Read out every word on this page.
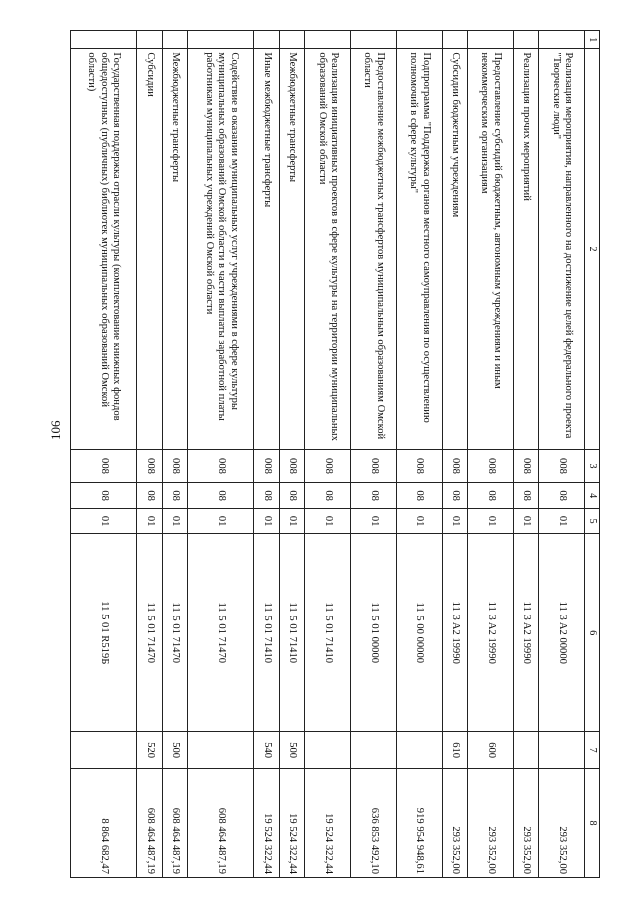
106
1	2	3	4	5	6	7	8
	Реализация мероприятия, направленного на достижение целей федерального проекта "Творческие люди"	008	08	01	11 3 A2 00000		293 352,00
	Реализация прочих мероприятий	008	08	01	11 3 A2 19990		293 352,00
	Предоставление субсидий бюджетным, автономным учреждениям и иным некоммерческим организациям	008	08	01	11 3 A2 19990	600	293 352,00
	Субсидии бюджетным учреждениям	008	08	01	11 3 A2 19990	610	293 352,00
	Подпрограмма "Поддержка органов местного самоуправления по осуществлению полномочий в сфере культуры"	008	08	01	11 5 00 00000		919 954 948,61
	Предоставление межбюджетных трансфертов муниципальным образованиям Омской области	008	08	01	11 5 01 00000		636 853 492,10
	Реализация инициативных проектов в сфере культуры на территории муниципальных образований Омской области	008	08	01	11 5 01 71410		19 524 322,44
	Межбюджетные трансферты	008	08	01	11 5 01 71410	500	19 524 322,44
	Иные межбюджетные трансферты	008	08	01	11 5 01 71410	540	19 524 322,44
	Содействие в оказании муниципальных услуг учреждениями в сфере культуры муниципальных образований Омской области в части выплаты заработной платы работникам муниципальных учреждений Омской области	008	08	01	11 5 01 71470		608 464 487,19
	Межбюджетные трансферты	008	08	01	11 5 01 71470	500	608 464 487,19
	Субсидии	008	08	01	11 5 01 71470	520	608 464 487,19
	Государственная поддержка отрасли культуры (комплектование книжных фондов общедоступных (публичных) библиотек муниципальных образований Омской области)	008	08	01	11 5 01 R519Б		8 864 682,47
